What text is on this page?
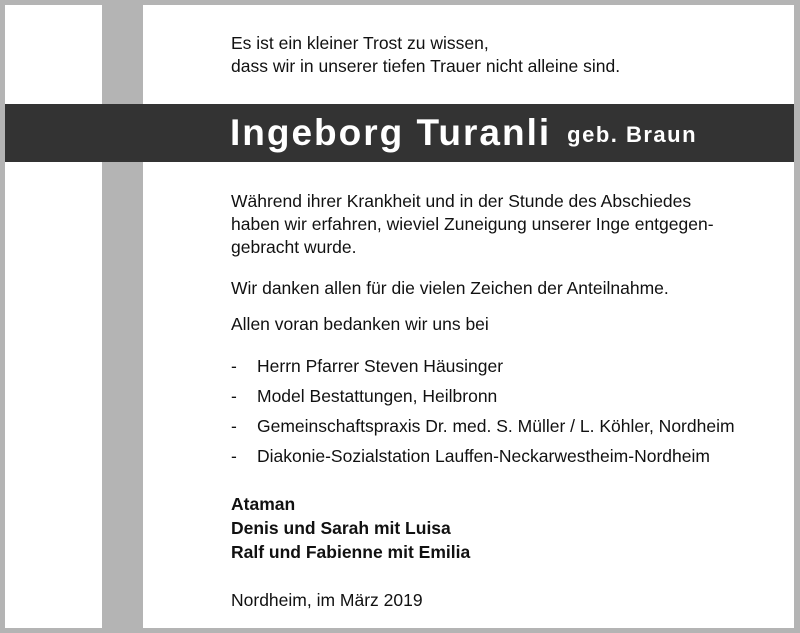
Es ist ein kleiner Trost zu wissen,
dass wir in unserer tiefen Trauer nicht alleine sind.
Ingeborg Turanli geb. Braun
Während ihrer Krankheit und in der Stunde des Abschiedes
haben wir erfahren, wieviel Zuneigung unserer Inge entgegen-
gebracht wurde.
Wir danken allen für die vielen Zeichen der Anteilnahme.
Allen voran bedanken wir uns bei
-	Herrn Pfarrer Steven Häusinger
-	Model Bestattungen, Heilbronn
-	Gemeinschaftspraxis Dr. med. S. Müller / L. Köhler, Nordheim
-	Diakonie-Sozialstation Lauffen-Neckarwestheim-Nordheim
Ataman
Denis und Sarah mit Luisa
Ralf und Fabienne mit Emilia
Nordheim, im März 2019
